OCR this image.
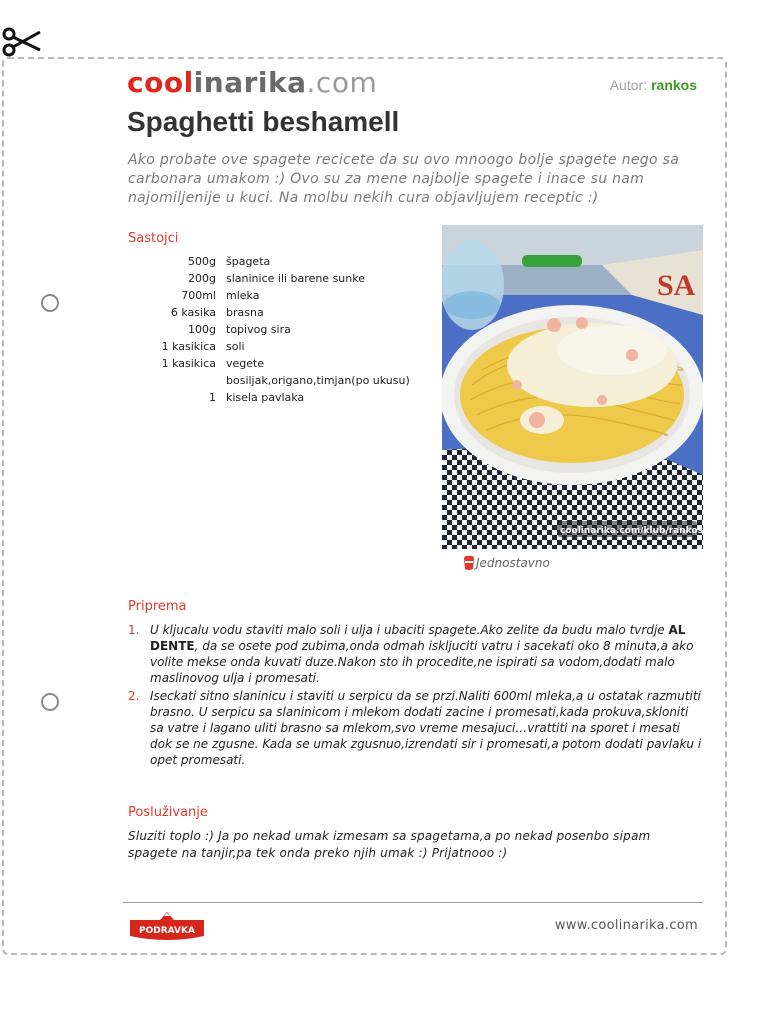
coolinarika.com	Autor: rankos
Spaghetti beshamell
Ako probate ove spagete recicete da su ovo mnoogo bolje spagete nego sa carbonara umakom :) Ovo su za mene najbolje spagete i inace su nam najomiljenije u kuci. Na molbu nekih cura objavljujem receptic :)
Sastojci
500g špageta
200g slaninice ili barene sunke
700ml mleka
6 kasika brasna
100g topivog sira
1 kasikica soli
1 kasikica vegete
bosiljak,origano,timjan(po ukusu)
1 kisela pavlaka
SA
coolinarika.com/klub/rankos
Jednostavno
Priprema
1. U kljucalu vodu staviti malo soli i ulja i ubaciti spagete.Ako zelite da budu malo tvrdje AL DENTE, da se osete pod zubima,onda odmah iskljuciti vatru i sacekati oko 8 minuta,a ako volite mekse onda kuvati duze.Nakon sto ih procedite,ne ispirati sa vodom,dodati malo maslinovog ulja i promesati.
2. Iseckati sitno slaninicu i staviti u serpicu da se przi.Naliti 600ml mleka,a u ostatak razmutiti brasno. U serpicu sa slaninicom i mlekom dodati zacine i promesati,kada prokuva,skloniti sa vatre i lagano uliti brasno sa mlekom,svo vreme mesajuci…vrattiti na sporet i mesati dok se ne zgusne. Kada se umak zgusnuo,izrendati sir i promesati,a potom dodati pavlaku i opet promesati.
Posluživanje
Sluziti toplo :) Ja po nekad umak izmesam sa spagetama,a po nekad posenbo sipam spagete na tanjir,pa tek onda preko njih umak :) Prijatnooo :)
PODRAVKA	www.coolinarika.com
